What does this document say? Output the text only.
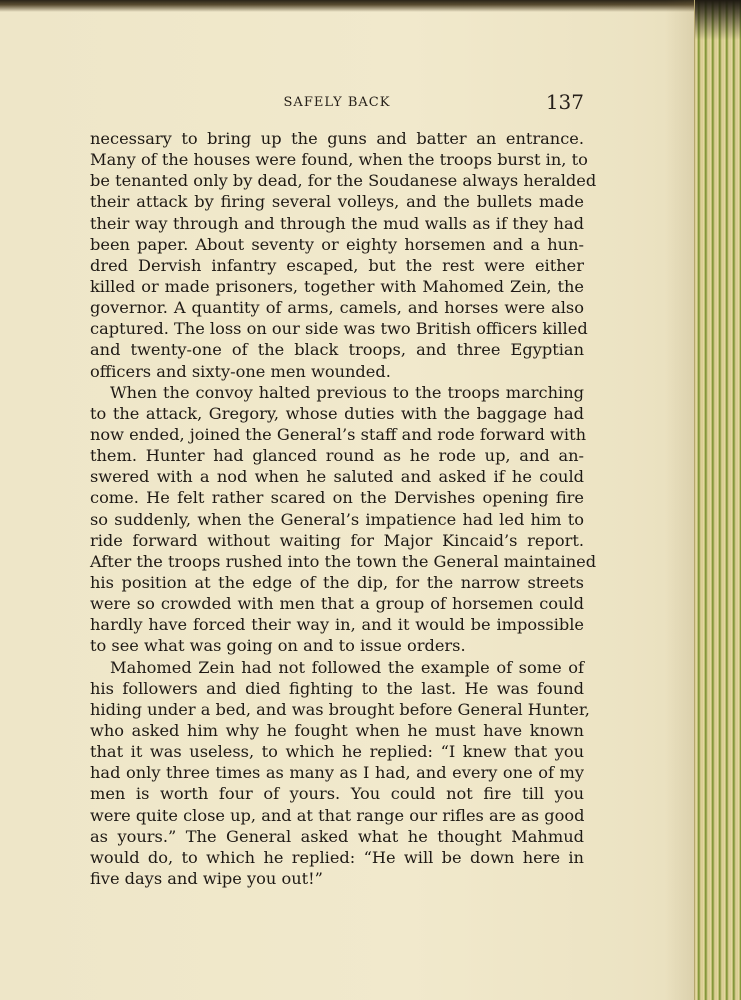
SAFELY BACK	137
necessary to bring up the guns and batter an entrance.
Many of the houses were found, when the troops burst in, to
be tenanted only by dead, for the Soudanese always heralded
their attack by firing several volleys, and the bullets made
their way through and through the mud walls as if they had
been paper. About seventy or eighty horsemen and a hun-
dred Dervish infantry escaped, but the rest were either
killed or made prisoners, together with Mahomed Zein, the
governor. A quantity of arms, camels, and horses were also
captured. The loss on our side was two British officers killed
and twenty-one of the black troops, and three Egyptian
officers and sixty-one men wounded.
When the convoy halted previous to the troops marching
to the attack, Gregory, whose duties with the baggage had
now ended, joined the General’s staff and rode forward with
them. Hunter had glanced round as he rode up, and an-
swered with a nod when he saluted and asked if he could
come. He felt rather scared on the Dervishes opening fire
so suddenly, when the General’s impatience had led him to
ride forward without waiting for Major Kincaid’s report.
After the troops rushed into the town the General maintained
his position at the edge of the dip, for the narrow streets
were so crowded with men that a group of horsemen could
hardly have forced their way in, and it would be impossible
to see what was going on and to issue orders.
Mahomed Zein had not followed the example of some of
his followers and died fighting to the last. He was found
hiding under a bed, and was brought before General Hunter,
who asked him why he fought when he must have known
that it was useless, to which he replied: “I knew that you
had only three times as many as I had, and every one of my
men is worth four of yours. You could not fire till you
were quite close up, and at that range our rifles are as good
as yours.” The General asked what he thought Mahmud
would do, to which he replied: “He will be down here in
five days and wipe you out!”
